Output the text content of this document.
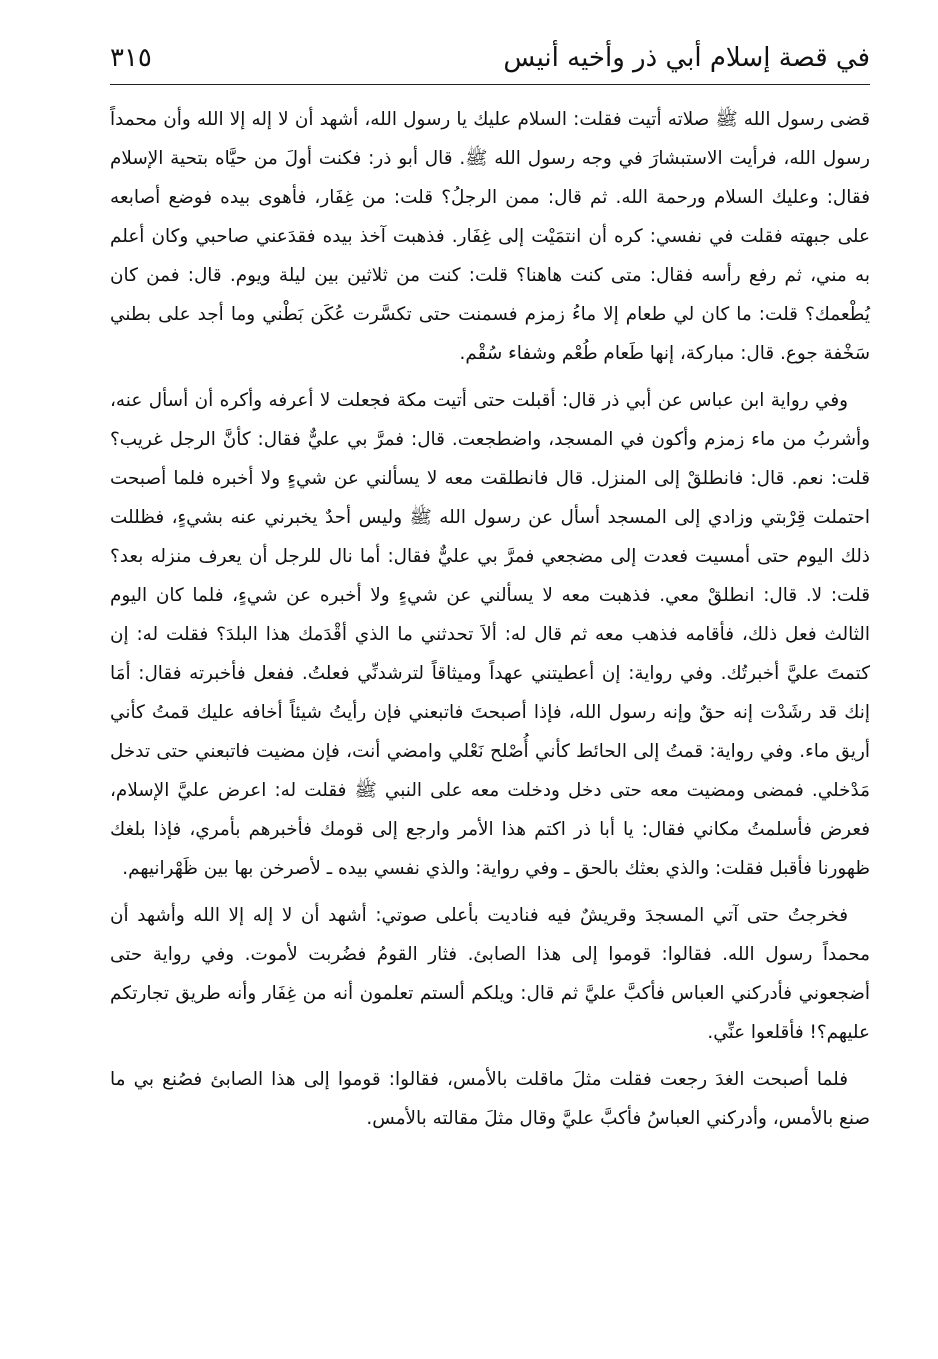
في قصة إسلام أبي ذر وأخيه أنيس
٣١٥

قضى رسول الله ﷺ صلاته أتيت فقلت: السلام عليك يا رسول الله، أشهد أن لا إله إلا الله وأن محمداً رسول الله، فرأيت الاستبشارَ في وجه رسول الله ﷺ. قال أبو ذر: فكنت أولَ من حيَّاه بتحية الإسلام فقال: وعليك السلام ورحمة الله. ثم قال: ممن الرجلُ؟ قلت: من غِفَار، فأهوى بيده فوضع أصابعه على جبهته فقلت في نفسي: كره أن انتمَيْت إلى غِفَار. فذهبت آخذ بيده فقدَعني صاحبي وكان أعلم به مني، ثم رفع رأسه فقال: متى كنت هاهنا؟ قلت: كنت من ثلاثين بين ليلة ويوم. قال: فمن كان يُطْعمك؟ قلت: ما كان لي طعام إلا ماءُ زمزم فسمنت حتى تكسَّرت عُكَن بَطْني وما أجد على بطني سَخْفة جوع. قال: مباركة، إنها طَعام طُعْم وشفاء سُقْم.

وفي رواية ابن عباس عن أبي ذر قال: أقبلت حتى أتيت مكة فجعلت لا أعرفه وأكره أن أسأل عنه، وأشربُ من ماء زمزم وأكون في المسجد، واضطجعت. قال: فمرَّ بي عليٌّ فقال: كأنَّ الرجل غريب؟ قلت: نعم. قال: فانطلقْ إلى المنزل. قال فانطلقت معه لا يسألني عن شيءٍ ولا أخبره فلما أصبحت احتملت قِرْبتي وزادي إلى المسجد أسأل عن رسول الله ﷺ وليس أحدٌ يخبرني عنه بشيءٍ، فظللت ذلك اليوم حتى أمسيت فعدت إلى مضجعي فمرَّ بي عليٌّ فقال: أما نال للرجل أن يعرف منزله بعد؟ قلت: لا. قال: انطلقْ معي. فذهبت معه لا يسألني عن شيءٍ ولا أخبره عن شيءٍ، فلما كان اليوم الثالث فعل ذلك، فأقامه فذهب معه ثم قال له: ألاَ تحدثني ما الذي أقْدَمك هذا البلدَ؟ فقلت له: إن كتمتَ عليَّ أخبرتُك. وفي رواية: إن أعطيتني عهداً وميثاقاً لترشدنِّي فعلتُ. ففعل فأخبرته فقال: أمَا إنك قد رشَدْت إنه حقٌ وإنه رسول الله، فإذا أصبحتَ فاتبعني فإن رأيتُ شيئاً أخافه عليك قمتُ كأني أريق ماء. وفي رواية: قمتُ إلى الحائط كأني أُصْلح نَعْلي وامضي أنت، فإن مضيت فاتبعني حتى تدخل مَدْخلي. فمضى ومضيت معه حتى دخل ودخلت معه على النبي ﷺ فقلت له: اعرض عليَّ الإسلام، فعرض فأسلمتُ مكاني فقال: يا أبا ذر اكتم هذا الأمر وارجع إلى قومك فأخبرهم بأمري، فإذا بلغك ظهورنا فأقبل فقلت: والذي بعثك بالحق ـ وفي رواية: والذي نفسي بيده ـ لأصرخن بها بين ظَهْرانيهم.

فخرجتُ حتى آتي المسجدَ وقريشٌ فيه فناديت بأعلى صوتي: أشهد أن لا إله إلا الله وأشهد أن محمداً رسول الله. فقالوا: قوموا إلى هذا الصابئ. فثار القومُ فضُربت لأموت. وفي رواية حتى أضجعوني فأدركني العباس فأكبَّ عليَّ ثم قال: ويلكم ألستم تعلمون أنه من غِفَار وأنه طريق تجارتكم عليهم؟! فأقلعوا عنِّي.

فلما أصبحت الغدَ رجعت فقلت مثلَ ماقلت بالأمس، فقالوا: قوموا إلى هذا الصابئ فصُنع بي ما صنع بالأمس، وأدركني العباسُ فأكبَّ عليَّ وقال مثلَ مقالته بالأمس.
